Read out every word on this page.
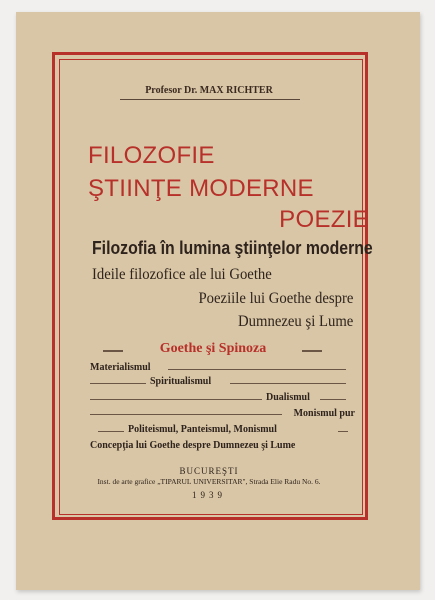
Profesor Dr. MAX RICHTER
FILOZOFIE
ŞTIINŢE MODERNE
POEZIE
Filozofia în lumina ştiinţelor moderne
Ideile filozofice ale lui Goethe
Poeziile lui Goethe despre
Dumnezeu şi Lume
Goethe şi Spinoza
Materialismul
Spiritualismul
Dualismul
Monismul pur
Politeismul, Panteismul, Monismul
Concepţia lui Goethe despre Dumnezeu şi Lume
BUCUREŞTI
Inst. de arte grafice „TIPARUL UNIVERSITAR", Strada Elie Radu No. 6.
1939
